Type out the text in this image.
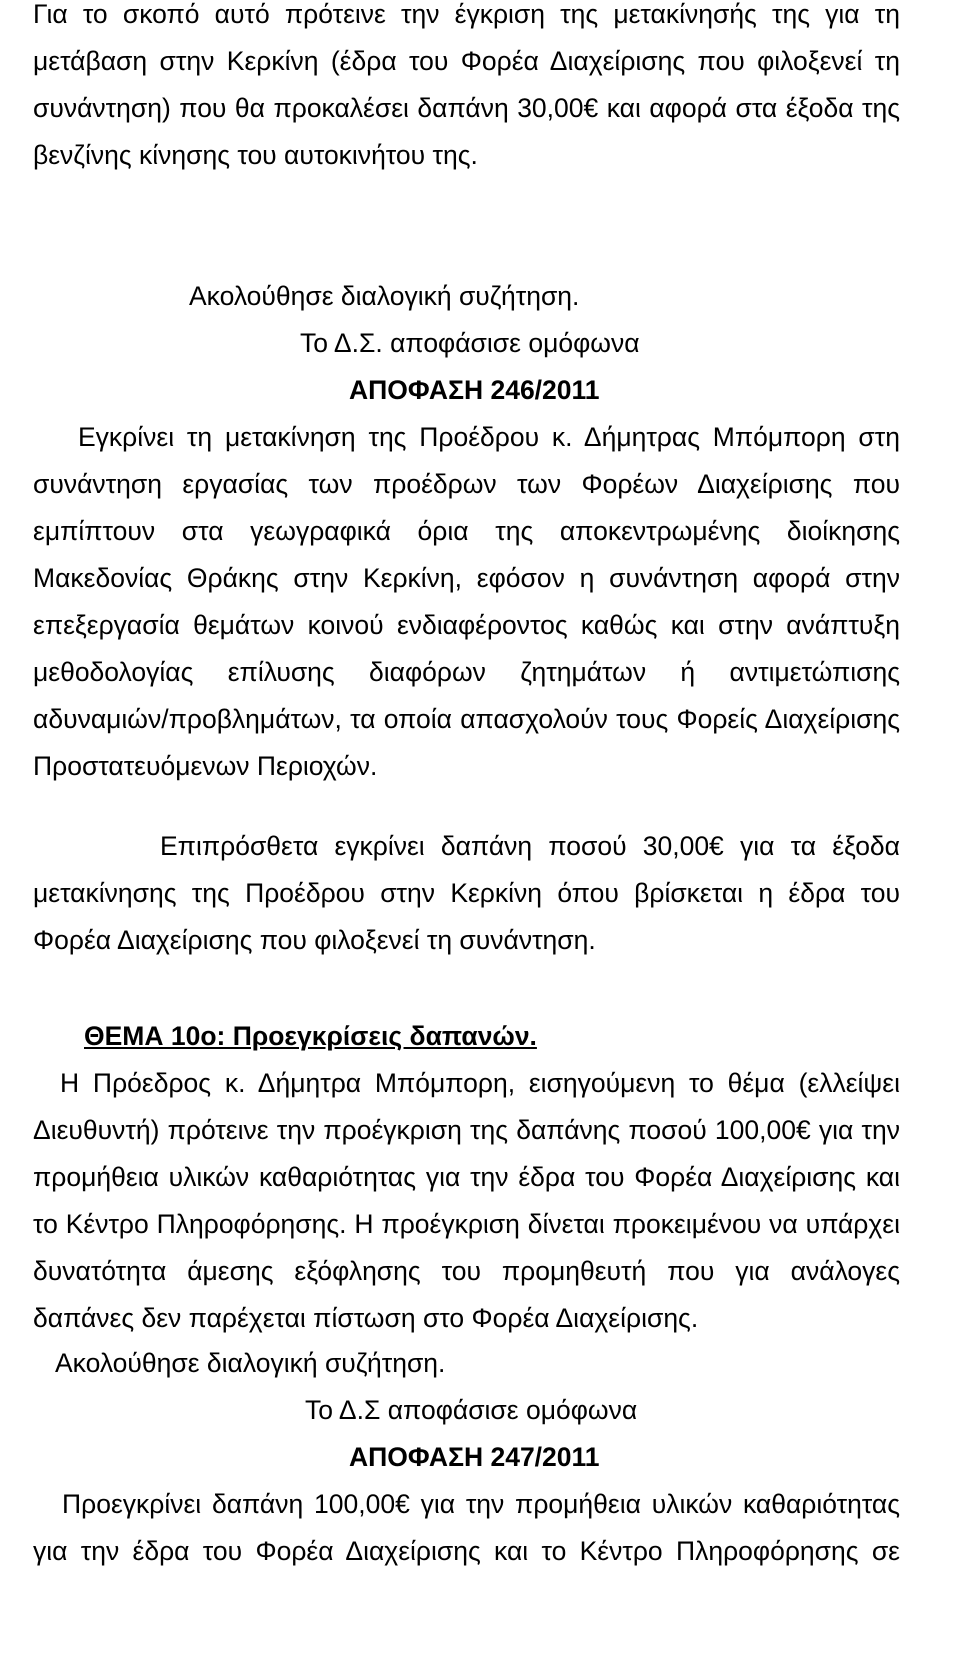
Για το σκοπό αυτό πρότεινε την έγκριση της μετακίνησής της για τη
μετάβαση στην Κερκίνη (έδρα του Φορέα Διαχείρισης που φιλοξενεί τη
συνάντηση) που θα προκαλέσει δαπάνη 30,00€ και αφορά στα έξοδα της
βενζίνης κίνησης του αυτοκινήτου της.
Ακολούθησε διαλογική συζήτηση.
Το Δ.Σ. αποφάσισε ομόφωνα
ΑΠΟΦΑΣΗ 246/2011
Εγκρίνει τη μετακίνηση της Προέδρου κ. Δήμητρας Μπόμπορη στη
συνάντηση εργασίας των προέδρων των Φορέων Διαχείρισης που
εμπίπτουν στα γεωγραφικά όρια της αποκεντρωμένης διοίκησης
Μακεδονίας Θράκης στην Κερκίνη, εφόσον η συνάντηση αφορά στην
επεξεργασία θεμάτων κοινού ενδιαφέροντος καθώς και στην ανάπτυξη
μεθοδολογίας επίλυσης διαφόρων ζητημάτων ή αντιμετώπισης
αδυναμιών/προβλημάτων, τα οποία απασχολούν τους Φορείς Διαχείρισης
Προστατευόμενων Περιοχών.
Επιπρόσθετα εγκρίνει δαπάνη ποσού 30,00€ για τα έξοδα
μετακίνησης της Προέδρου στην Κερκίνη όπου βρίσκεται η έδρα του
Φορέα Διαχείρισης που φιλοξενεί τη συνάντηση.
ΘΕΜΑ 10ο: Προεγκρίσεις δαπανών.
Η Πρόεδρος κ. Δήμητρα Μπόμπορη, εισηγούμενη το θέμα (ελλείψει
Διευθυντή) πρότεινε την προέγκριση της δαπάνης ποσού 100,00€ για την
προμήθεια υλικών καθαριότητας για την έδρα του Φορέα Διαχείρισης και
το Κέντρο Πληροφόρησης. Η προέγκριση δίνεται προκειμένου να υπάρχει
δυνατότητα άμεσης εξόφλησης του προμηθευτή που για ανάλογες
δαπάνες δεν παρέχεται πίστωση στο Φορέα Διαχείρισης.
Ακολούθησε διαλογική συζήτηση.
Το Δ.Σ αποφάσισε ομόφωνα
ΑΠΟΦΑΣΗ 247/2011
Προεγκρίνει δαπάνη 100,00€ για την προμήθεια υλικών καθαριότητας
για την έδρα του Φορέα Διαχείρισης και το Κέντρο Πληροφόρησης σε
